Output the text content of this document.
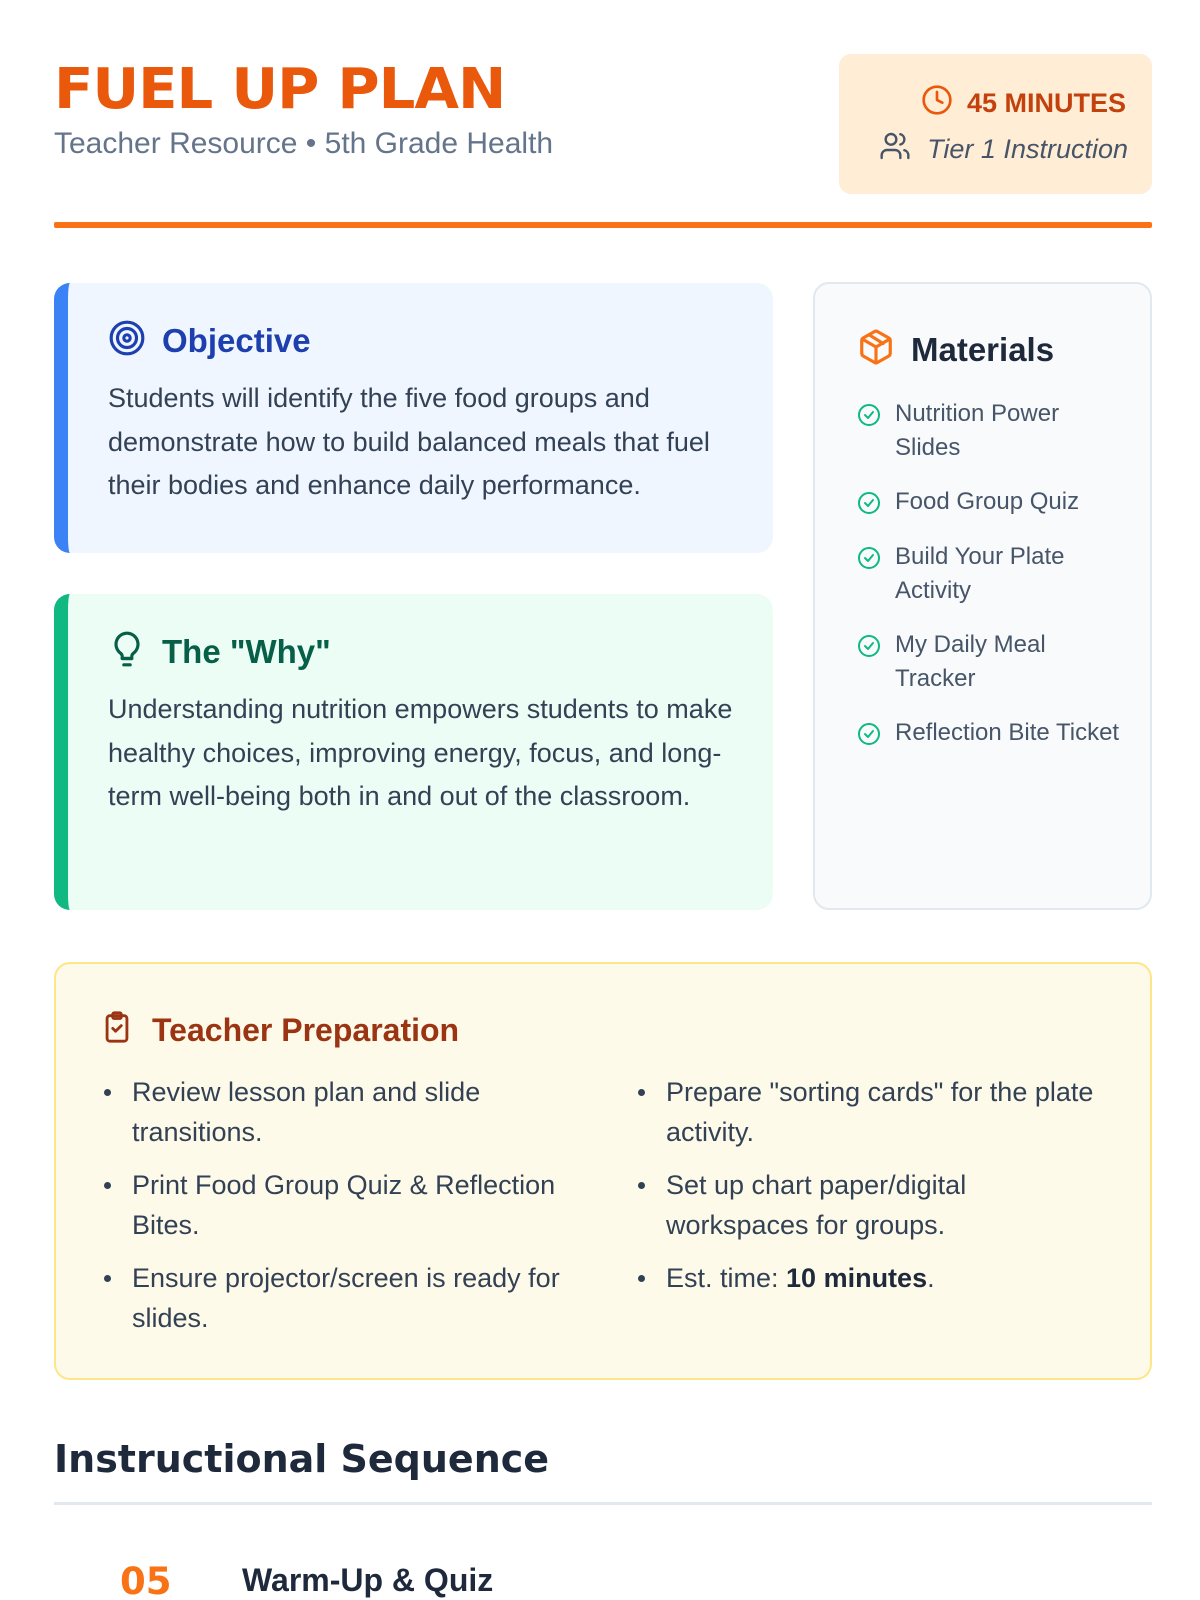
FUEL UP PLAN
Teacher Resource • 5th Grade Health
45 MINUTES
Tier 1 Instruction
Objective
Students will identify the five food groups and demonstrate how to build balanced meals that fuel their bodies and enhance daily performance.
The "Why"
Understanding nutrition empowers students to make healthy choices, improving energy, focus, and long-term well-being both in and out of the classroom.
Materials
Nutrition Power Slides
Food Group Quiz
Build Your Plate Activity
My Daily Meal Tracker
Reflection Bite Ticket
Teacher Preparation
Review lesson plan and slide transitions.
Print Food Group Quiz & Reflection Bites.
Ensure projector/screen is ready for slides.
Prepare "sorting cards" for the plate activity.
Set up chart paper/digital workspaces for groups.
Est. time: 10 minutes.
Instructional Sequence
05 Warm-Up & Quiz
